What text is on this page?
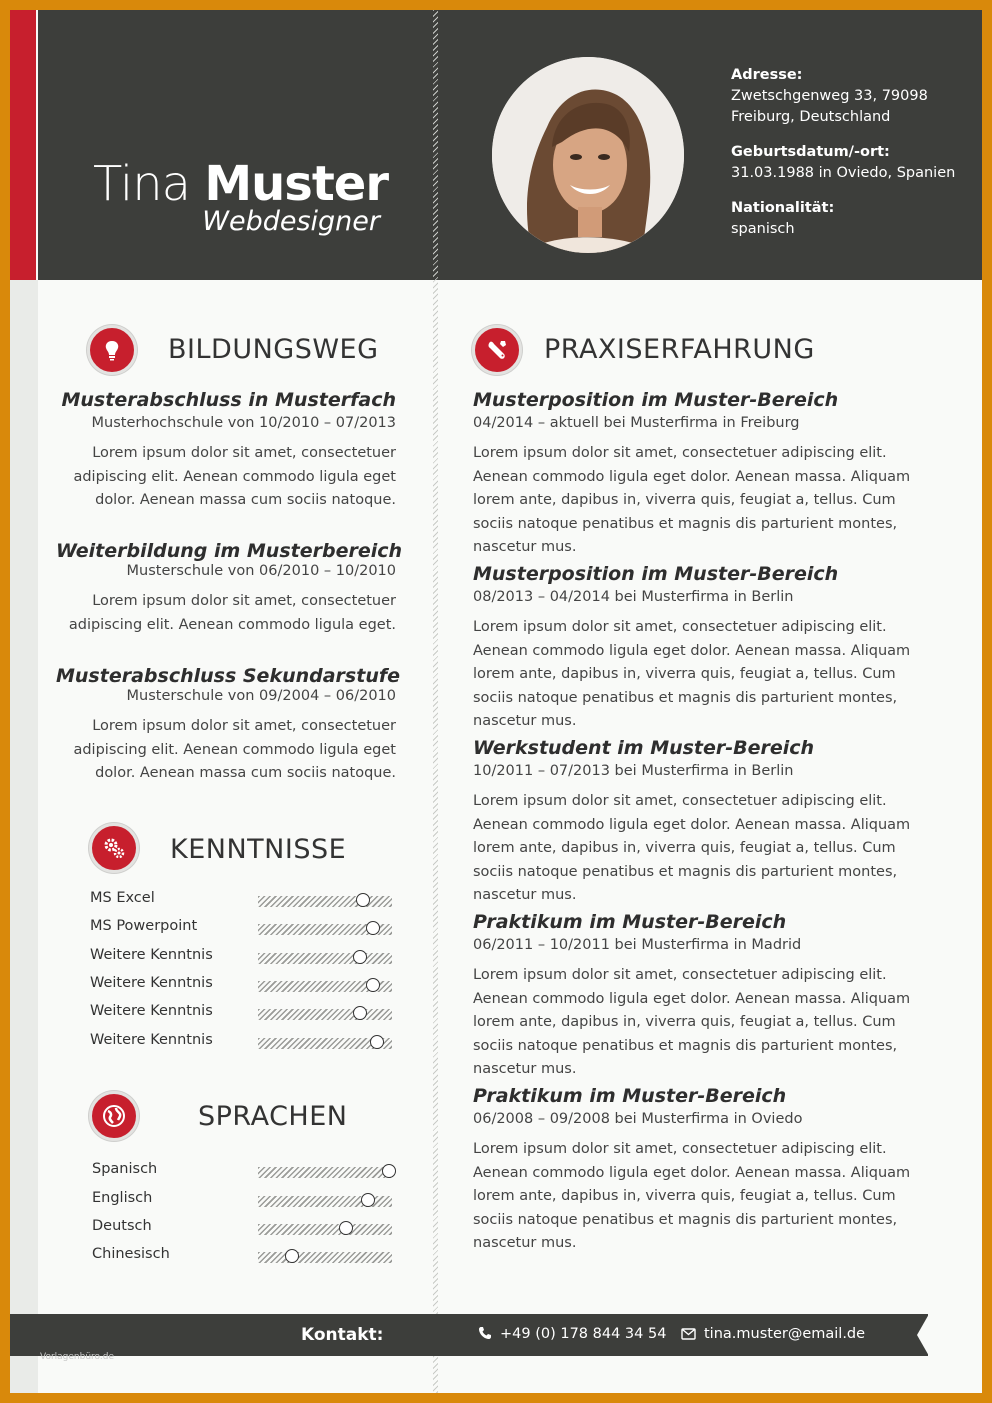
Tina Muster
Webdesigner
Adresse:
Zwetschgenweg 33, 79098
Freiburg, Deutschland
Geburtsdatum/-ort:
31.03.1988 in Oviedo, Spanien
Nationalität:
spanisch
BILDUNGSWEG
Musterabschluss in Musterfach
Musterhochschule von 10/2010 – 07/2013
Lorem ipsum dolor sit amet, consectetuer adipiscing elit. Aenean commodo ligula eget dolor. Aenean massa cum sociis natoque.
Weiterbildung im Musterbereich
Musterschule von 06/2010 – 10/2010
Lorem ipsum dolor sit amet, consectetuer adipiscing elit. Aenean commodo ligula eget.
Musterabschluss Sekundarstufe
Musterschule von 09/2004 – 06/2010
Lorem ipsum dolor sit amet, consectetuer adipiscing elit. Aenean commodo ligula eget dolor. Aenean massa cum sociis natoque.
KENNTNISSE
MS Excel
MS Powerpoint
Weitere Kenntnis
Weitere Kenntnis
Weitere Kenntnis
Weitere Kenntnis
SPRACHEN
Spanisch
Englisch
Deutsch
Chinesisch
PRAXISERFAHRUNG
Musterposition im Muster-Bereich
04/2014 – aktuell bei Musterfirma in Freiburg
Lorem ipsum dolor sit amet, consectetuer adipiscing elit. Aenean commodo ligula eget dolor. Aenean massa. Aliquam lorem ante, dapibus in, viverra quis, feugiat a, tellus. Cum sociis natoque penatibus et magnis dis parturient montes, nascetur mus.
Musterposition im Muster-Bereich
08/2013 – 04/2014 bei Musterfirma in Berlin
Lorem ipsum dolor sit amet, consectetuer adipiscing elit. Aenean commodo ligula eget dolor. Aenean massa. Aliquam lorem ante, dapibus in, viverra quis, feugiat a, tellus. Cum sociis natoque penatibus et magnis dis parturient montes, nascetur mus.
Werkstudent im Muster-Bereich
10/2011 – 07/2013 bei Musterfirma in Berlin
Lorem ipsum dolor sit amet, consectetuer adipiscing elit. Aenean commodo ligula eget dolor. Aenean massa. Aliquam lorem ante, dapibus in, viverra quis, feugiat a, tellus. Cum sociis natoque penatibus et magnis dis parturient montes, nascetur mus.
Praktikum im Muster-Bereich
06/2011 – 10/2011 bei Musterfirma in Madrid
Lorem ipsum dolor sit amet, consectetuer adipiscing elit. Aenean commodo ligula eget dolor. Aenean massa. Aliquam lorem ante, dapibus in, viverra quis, feugiat a, tellus. Cum sociis natoque penatibus et magnis dis parturient montes, nascetur mus.
Praktikum im Muster-Bereich
06/2008 – 09/2008 bei Musterfirma in Oviedo
Lorem ipsum dolor sit amet, consectetuer adipiscing elit. Aenean commodo ligula eget dolor. Aenean massa. Aliquam lorem ante, dapibus in, viverra quis, feugiat a, tellus. Cum sociis natoque penatibus et magnis dis parturient montes, nascetur mus.
Kontakt:	+49 (0) 178 844 34 54	tina.muster@email.de
Vorlagenbüro.de
